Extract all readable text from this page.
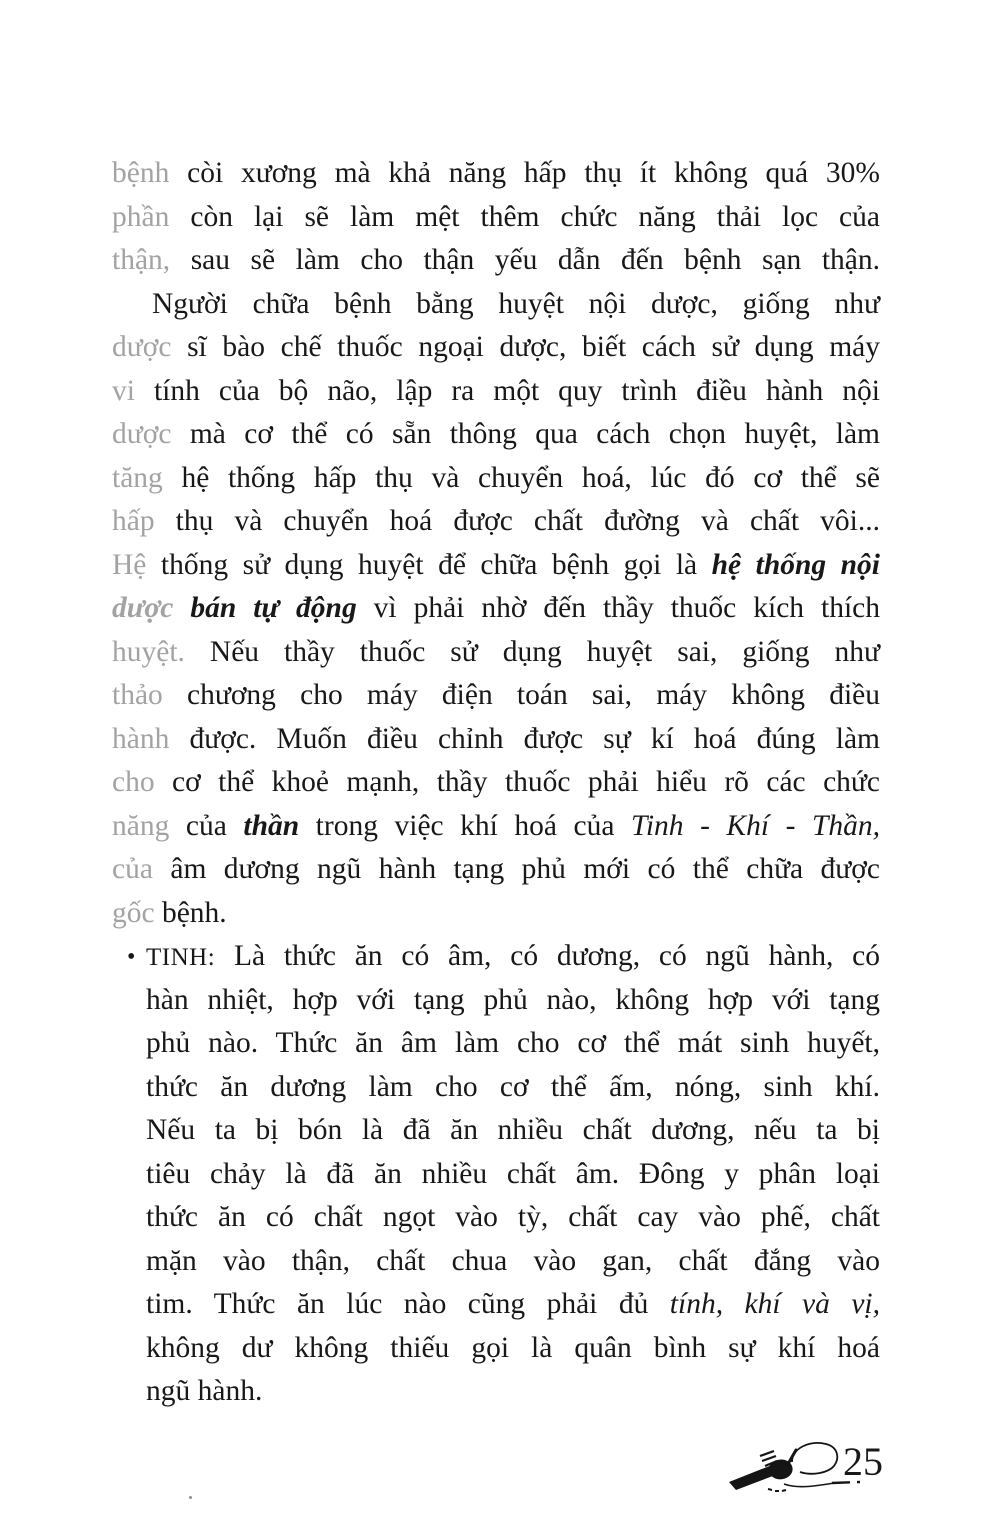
bệnh còi xương mà khả năng hấp thụ ít không quá 30%
phần còn lại sẽ làm mệt thêm chức năng thải lọc của
thận, sau sẽ làm cho thận yếu dẫn đến bệnh sạn thận.
Người chữa bệnh bằng huyệt nội dược, giống như
dược sĩ bào chế thuốc ngoại dược, biết cách sử dụng máy
vi tính của bộ não, lập ra một quy trình điều hành nội
dược mà cơ thể có sẵn thông qua cách chọn huyệt, làm
tăng hệ thống hấp thụ và chuyển hoá, lúc đó cơ thể sẽ
hấp thụ và chuyển hoá được chất đường và chất vôi...
Hệ thống sử dụng huyệt để chữa bệnh gọi là hệ thống nội
dược bán tự động vì phải nhờ đến thầy thuốc kích thích
huyệt. Nếu thầy thuốc sử dụng huyệt sai, giống như
thảo chương cho máy điện toán sai, máy không điều
hành được. Muốn điều chỉnh được sự kí hoá đúng làm
cho cơ thể khoẻ mạnh, thầy thuốc phải hiểu rõ các chức
năng của thần trong việc khí hoá của Tinh - Khí - Thần,
của âm dương ngũ hành tạng phủ mới có thể chữa được
gốc bệnh.
• TINH: Là thức ăn có âm, có dương, có ngũ hành, có
hàn nhiệt, hợp với tạng phủ nào, không hợp với tạng
phủ nào. Thức ăn âm làm cho cơ thể mát sinh huyết,
thức ăn dương làm cho cơ thể ấm, nóng, sinh khí.
Nếu ta bị bón là đã ăn nhiều chất dương, nếu ta bị
tiêu chảy là đã ăn nhiều chất âm. Đông y phân loại
thức ăn có chất ngọt vào tỳ, chất cay vào phế, chất
mặn vào thận, chất chua vào gan, chất đắng vào
tim. Thức ăn lúc nào cũng phải đủ tính, khí và vị,
không dư không thiếu gọi là quân bình sự khí hoá
ngũ hành.
25
